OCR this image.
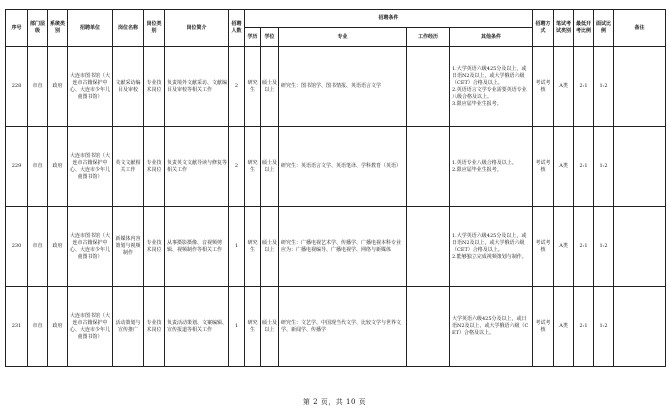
序号	部门层级	系统类别	招聘单位	岗位名称	岗位类别	岗位简介	招聘人数	招聘条件					招聘方式	笔试考试类别	最低开考比例	面试比例	备注
								学历	学位	专业	工作经历	其他条件					
228	市直	政府	大连市图书馆（大连市古籍保护中心、大连市少年儿童图书馆）	文献采访编目及审校	专业技术岗位	负责境外文献采访、文献编目及审校等相关工作	2	研究生	硕士及以上	研究生：图书馆学、图书情报、英语语言文学		1.大学英语六级425分及以上，或日语N2及以上，或大学俄语六级（CET）合格及以上。
2.英语语言文学专业需要英语专业八级合格及以上。
3.限应届毕业生报考。	考试考核	A类	2:1	1:2	
229	市直	政府	大连市图书馆（大连市古籍保护中心、大连市少年儿童图书馆）	英文文献相关工作	专业技术岗位	负责英文文献导读与修复等相关工作	2	研究生	硕士及以上	研究生：英语语言文学、英语笔译、学科教育（英语）		1.英语专业八级合格及以上。
2.限应届毕业生报考。	考试考核	A类	2:1	1:2	
230	市直	政府	大连市图书馆（大连市古籍保护中心、大连市少年儿童图书馆）	新媒体内容策划与视频制作	专业技术岗位	从事摄影摄像、音视频剪辑、视频制作等相关工作	1	研究生	硕士及以上	研究生：广播电视艺术学、传播学、广播电视本科专业应为：广播电视编导、广播电视学、网络与新媒体		1.大学英语六级425分及以上，或日语N2及以上，或大学俄语六级（CET）合格及以上。
2.能够独立完成视频策划与制作。	考试考核	A类	2:1	1:2	
231	市直	政府	大连市图书馆（大连市古籍保护中心、大连市少年儿童图书馆）	活动策划与宣传推广	专业技术岗位	负责活动策划、文案编辑、宣传报道等相关工作	1	研究生	硕士及以上	研究生：文艺学、中国现当代文学、比较文学与世界文学、新闻学、传播学		大学英语六级425分及以上，或日语N2及以上，或大学俄语六级（CET）合格及以上。	考试考核	A类	2:1	1:2	
第 2 页，共 10 页
